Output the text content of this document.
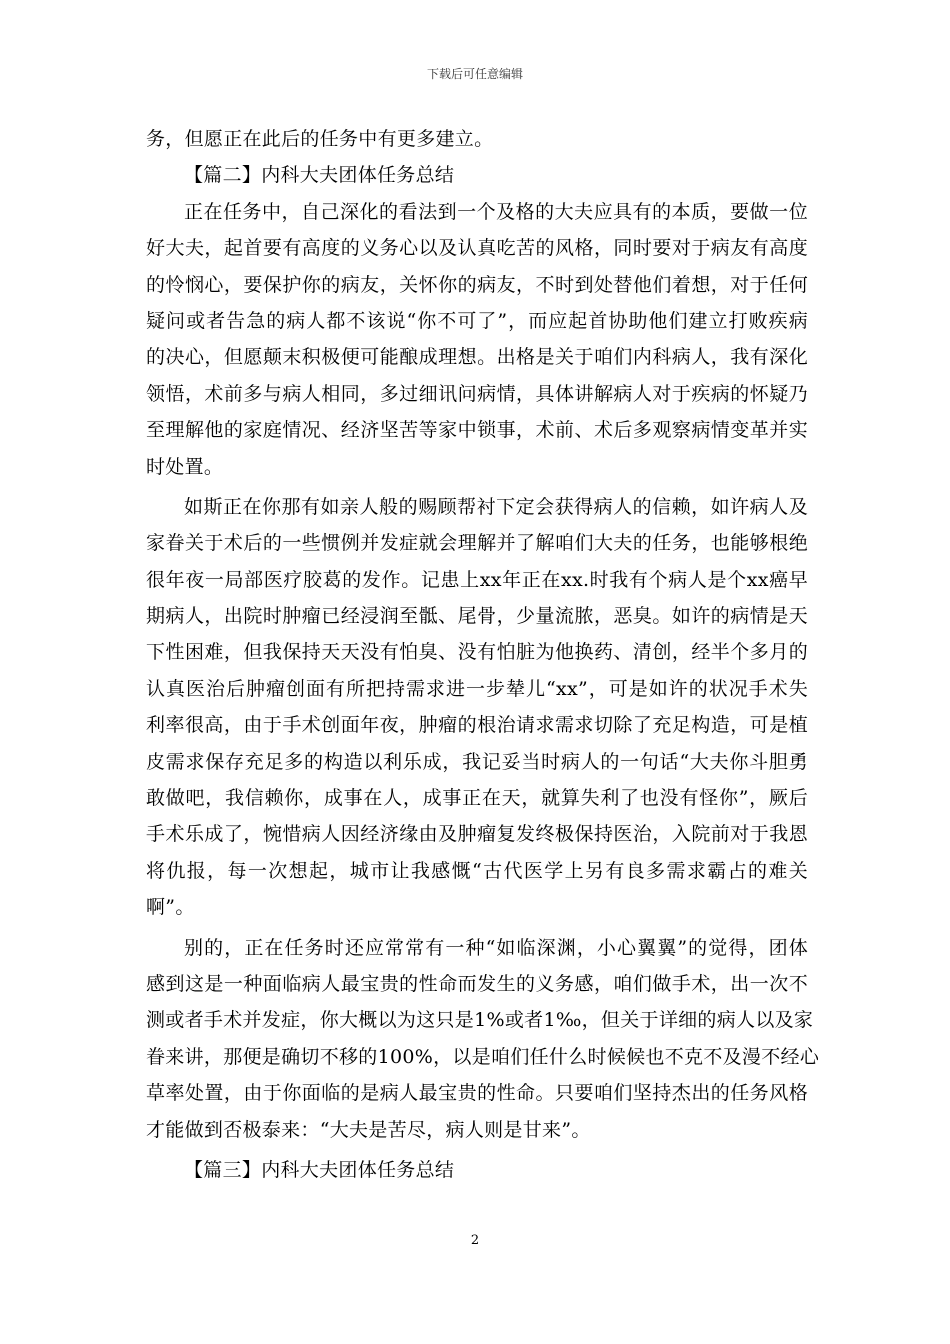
下载后可任意编辑
务，但愿正在此后的任务中有更多建立。
【篇二】内科大夫团体任务总结
正在任务中，自己深化的看法到一个及格的大夫应具有的本质，要做一位
好大夫，起首要有高度的义务心以及认真吃苦的风格，同时要对于病友有高度
的怜悯心，要保护你的病友，关怀你的病友，不时到处替他们着想，对于任何
疑问或者告急的病人都不该说“你不可了”，而应起首协助他们建立打败疾病
的决心，但愿颠末积极便可能酿成理想。出格是关于咱们内科病人，我有深化
领悟，术前多与病人相同，多过细讯问病情，具体讲解病人对于疾病的怀疑乃
至理解他的家庭情况、经济坚苦等家中锁事，术前、术后多观察病情变革并实
时处置。
如斯正在你那有如亲人般的赐顾帮衬下定会获得病人的信赖，如许病人及
家眷关于术后的一些惯例并发症就会理解并了解咱们大夫的任务，也能够根绝
很年夜一局部医疗胶葛的发作。记患上xx年正在xx.时我有个病人是个xx癌早
期病人，出院时肿瘤已经浸润至骶、尾骨，少量流脓，恶臭。如许的病情是天
下性困难，但我保持天天没有怕臭、没有怕脏为他换药、清创，经半个多月的
认真医治后肿瘤创面有所把持需求进一步辇儿“xx”，可是如许的状况手术失
利率很高，由于手术创面年夜，肿瘤的根治请求需求切除了充足构造，可是植
皮需求保存充足多的构造以利乐成，我记妥当时病人的一句话“大夫你斗胆勇
敢做吧，我信赖你，成事在人，成事正在天，就算失利了也没有怪你”，厥后
手术乐成了，惋惜病人因经济缘由及肿瘤复发终极保持医治，入院前对于我恩
将仇报，每一次想起，城市让我感慨“古代医学上另有良多需求霸占的难关
啊”。
别的，正在任务时还应常常有一种“如临深渊，小心翼翼”的觉得，团体
感到这是一种面临病人最宝贵的性命而发生的义务感，咱们做手术，出一次不
测或者手术并发症，你大概以为这只是1%或者1‰，但关于详细的病人以及家
眷来讲，那便是确切不移的100%，以是咱们任什么时候候也不克不及漫不经心
草率处置，由于你面临的是病人最宝贵的性命。只要咱们坚持杰出的任务风格
才能做到否极泰来：“大夫是苦尽，病人则是甘来”。
【篇三】内科大夫团体任务总结
2
